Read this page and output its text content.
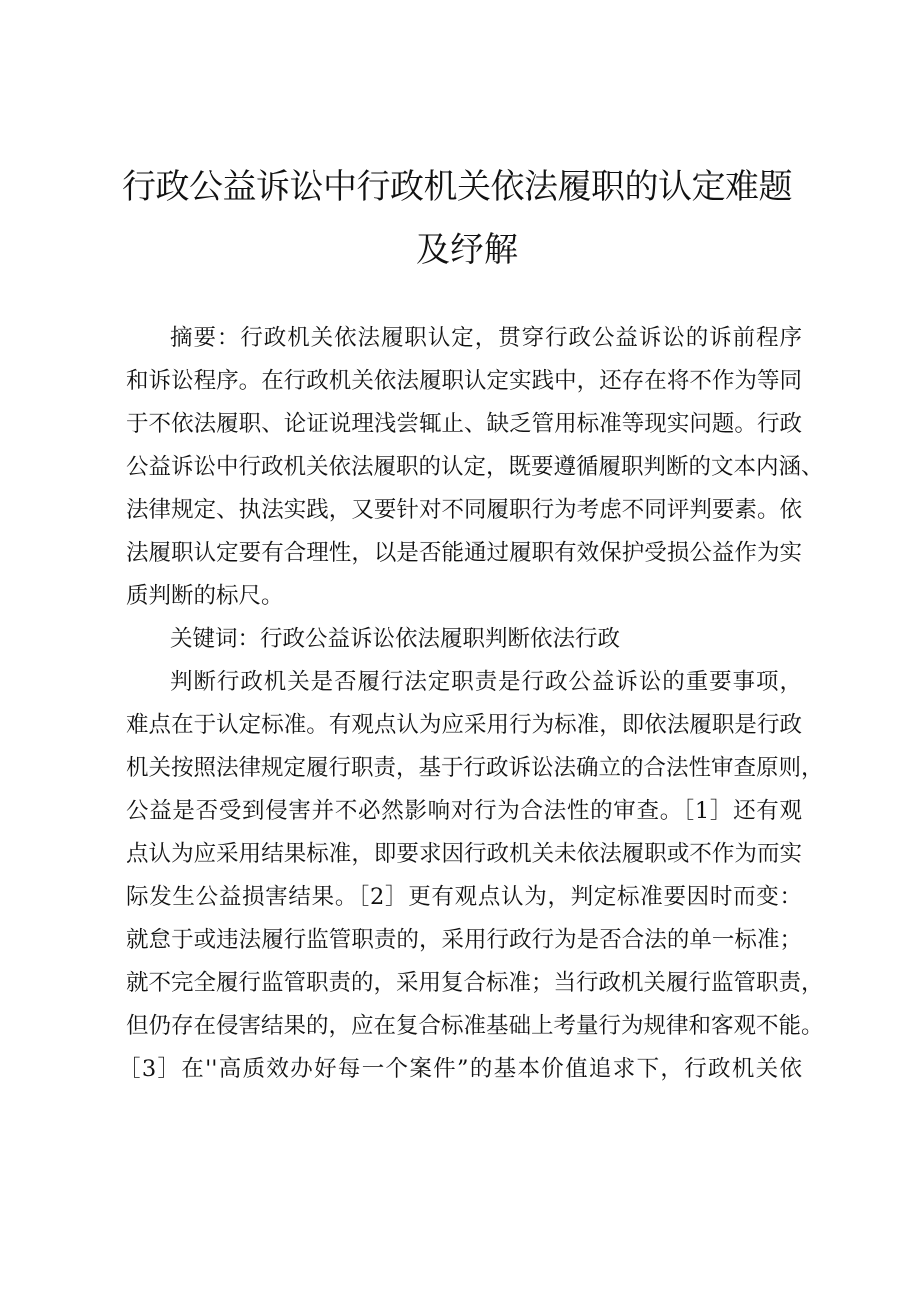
行政公益诉讼中行政机关依法履职的认定难题
及纾解
摘要：行政机关依法履职认定，贯穿行政公益诉讼的诉前程序
和诉讼程序。在行政机关依法履职认定实践中，还存在将不作为等同
于不依法履职、论证说理浅尝辄止、缺乏管用标准等现实问题。行政
公益诉讼中行政机关依法履职的认定，既要遵循履职判断的文本内涵、
法律规定、执法实践，又要针对不同履职行为考虑不同评判要素。依
法履职认定要有合理性，以是否能通过履职有效保护受损公益作为实
质判断的标尺。
关键词：行政公益诉讼依法履职判断依法行政
判断行政机关是否履行法定职责是行政公益诉讼的重要事项，
难点在于认定标准。有观点认为应采用行为标准，即依法履职是行政
机关按照法律规定履行职责，基于行政诉讼法确立的合法性审查原则，
公益是否受到侵害并不必然影响对行为合法性的审查。［1］还有观
点认为应采用结果标准，即要求因行政机关未依法履职或不作为而实
际发生公益损害结果。［2］更有观点认为，判定标准要因时而变：
就怠于或违法履行监管职责的，采用行政行为是否合法的单一标准；
就不完全履行监管职责的，采用复合标准；当行政机关履行监管职责，
但仍存在侵害结果的，应在复合标准基础上考量行为规律和客观不能。
［3］在''高质效办好每一个案件”的基本价值追求下，行政机关依
